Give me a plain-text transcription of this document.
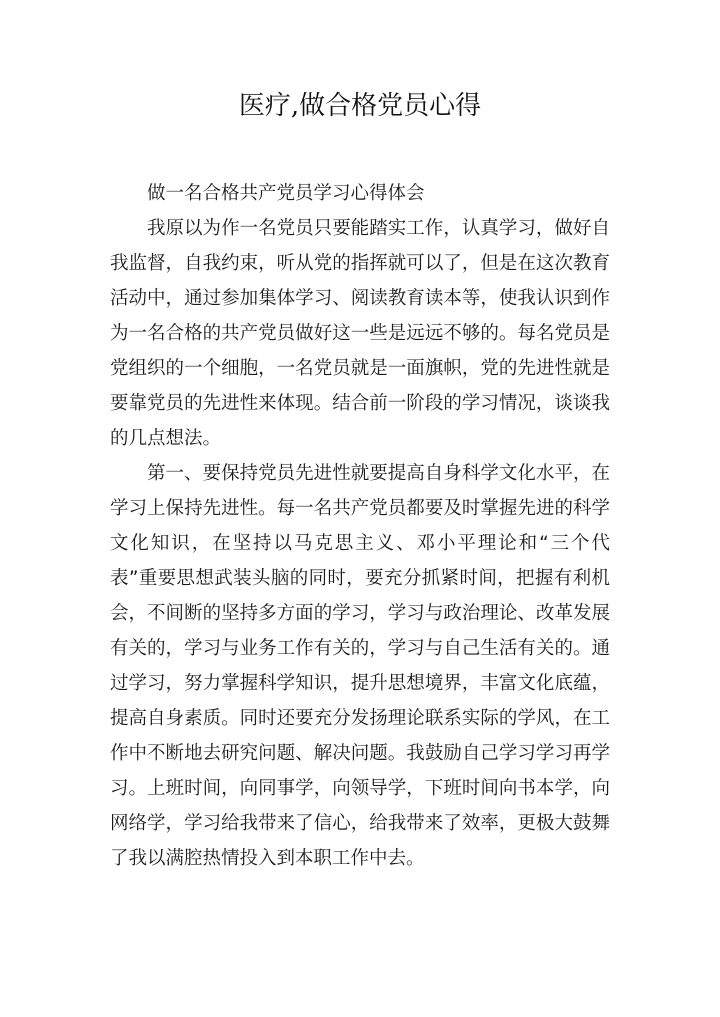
医疗,做合格党员心得

做一名合格共产党员学习心得体会

我原以为作一名党员只要能踏实工作，认真学习，做好自我监督，自我约束，听从党的指挥就可以了，但是在这次教育活动中，通过参加集体学习、阅读教育读本等，使我认识到作为一名合格的共产党员做好这一些是远远不够的。每名党员是党组织的一个细胞，一名党员就是一面旗帜，党的先进性就是要靠党员的先进性来体现。结合前一阶段的学习情况，谈谈我的几点想法。

第一、要保持党员先进性就要提高自身科学文化水平，在学习上保持先进性。每一名共产党员都要及时掌握先进的科学文化知识，在坚持以马克思主义、邓小平理论和“三个代表”重要思想武装头脑的同时，要充分抓紧时间，把握有利机会，不间断的坚持多方面的学习，学习与政治理论、改革发展有关的，学习与业务工作有关的，学习与自己生活有关的。通过学习，努力掌握科学知识，提升思想境界，丰富文化底蕴，提高自身素质。同时还要充分发扬理论联系实际的学风，在工作中不断地去研究问题、解决问题。我鼓励自己学习学习再学习。上班时间，向同事学，向领导学，下班时间向书本学，向网络学，学习给我带来了信心，给我带来了效率，更极大鼓舞了我以满腔热情投入到本职工作中去。
